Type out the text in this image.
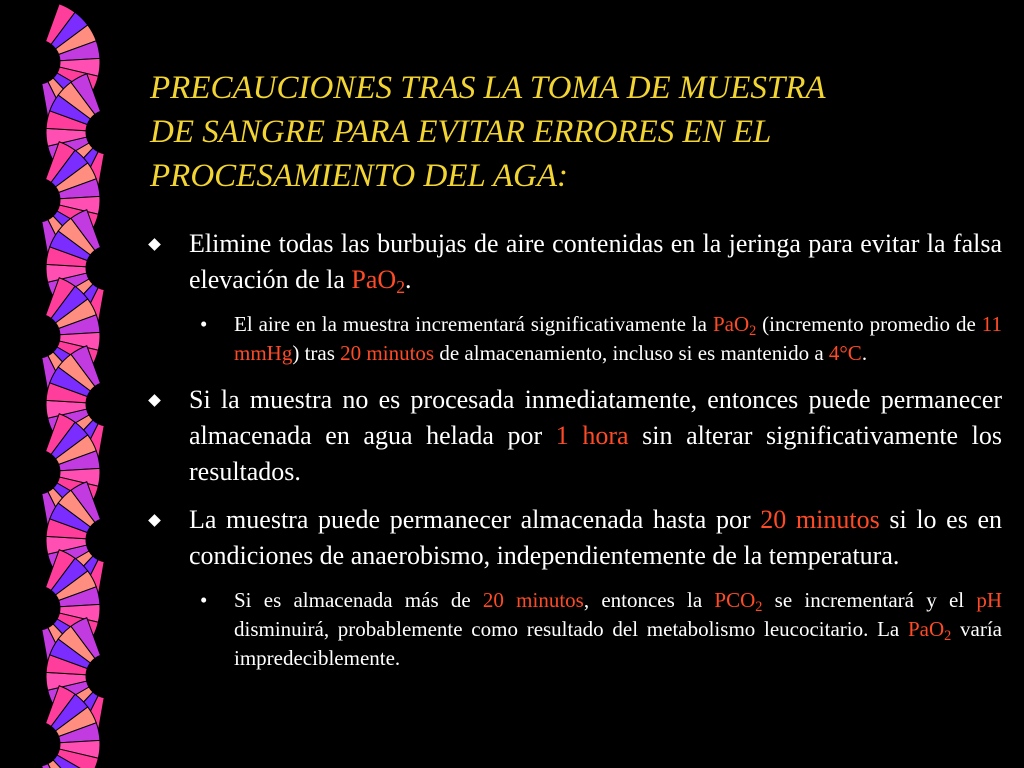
PRECAUCIONES TRAS LA TOMA DE MUESTRA
DE SANGRE PARA EVITAR ERRORES EN EL
PROCESAMIENTO DEL AGA:
Elimine todas las burbujas de aire contenidas en la jeringa para evitar la falsa elevación de la PaO2.
• El aire en la muestra incrementará significativamente la PaO2 (incremento promedio de 11 mmHg) tras 20 minutos de almacenamiento, incluso si es mantenido a 4°C.
Si la muestra no es procesada inmediatamente, entonces puede permanecer almacenada en agua helada por 1 hora sin alterar significativamente los resultados.
La muestra puede permanecer almacenada hasta por 20 minutos si lo es en condiciones de anaerobismo, independientemente de la temperatura.
• Si es almacenada más de 20 minutos, entonces la PCO2 se incrementará y el pH disminuirá, probablemente como resultado del metabolismo leucocitario. La PaO2 varía impredeciblemente.
